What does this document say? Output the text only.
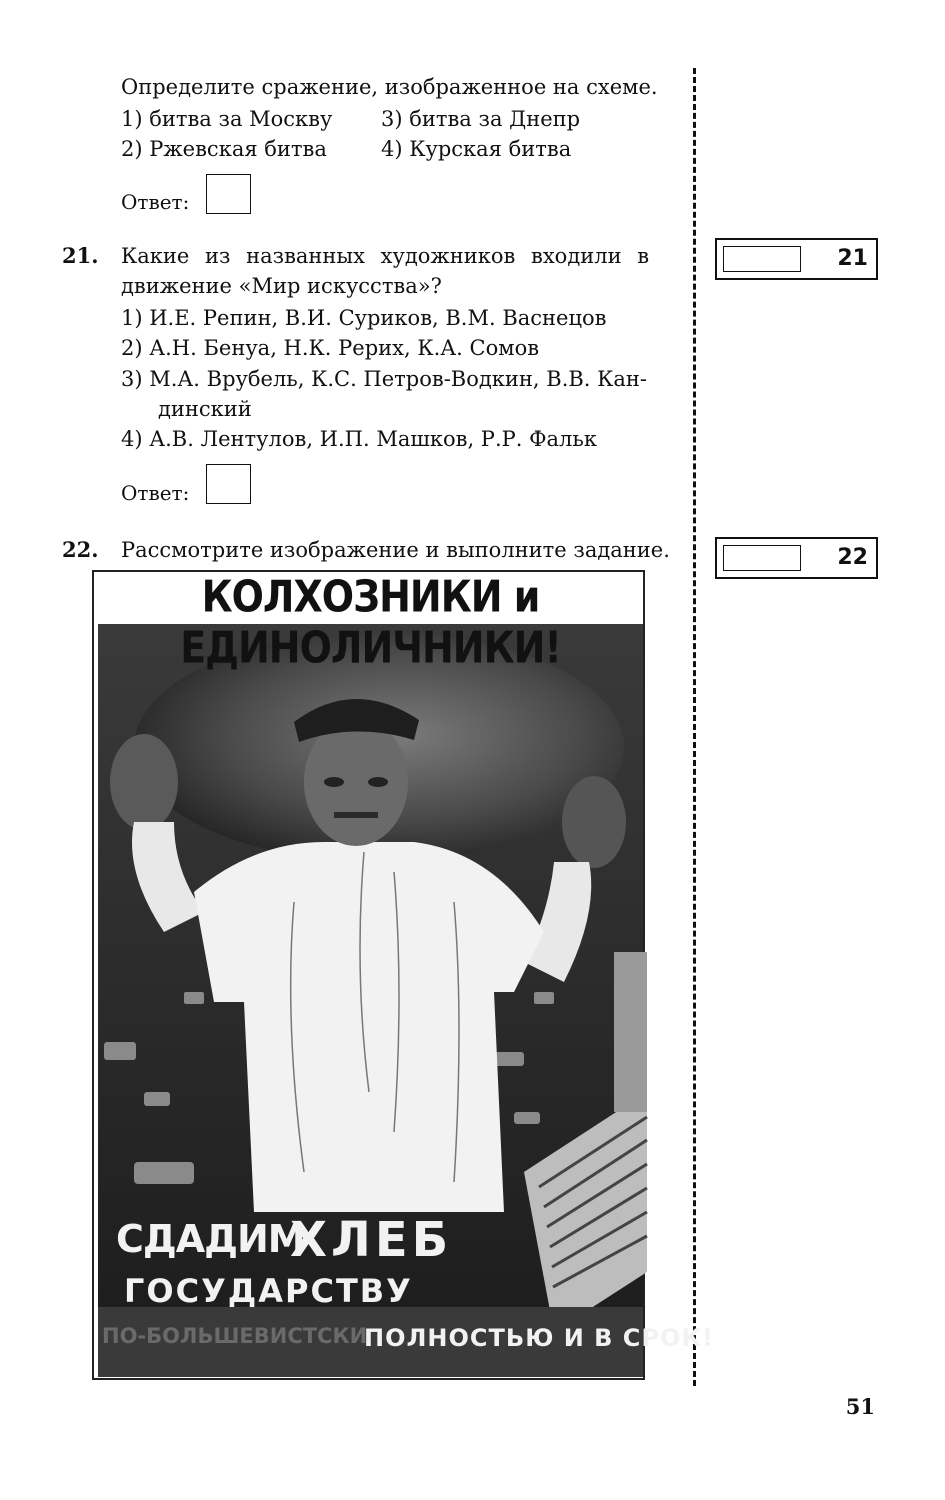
Определите сражение, изображенное на схеме.
1) битва за Москву
2) Ржевская битва
3) битва за Днепр
4) Курская битва
Ответ:
21. Какие из названных художников входили в
движение «Мир искусства»?
1) И.Е. Репин, В.И. Суриков, В.М. Васнецов
2) А.Н. Бенуа, Н.К. Рерих, К.А. Сомов
3) М.А. Врубель, К.С. Петров-Водкин, В.В. Кан-
динский
4) А.В. Лентулов, И.П. Машков, Р.Р. Фальк
Ответ:
21
22. Рассмотрите изображение и выполните задание.	22
КОЛХОЗНИКИ и ЕДИНОЛИЧНИКИ!
СДАДИМ
ХЛЕБ
ГОСУДАРСТВУ
ПО-БОЛЬШЕВИСТСКИ
ПОЛНОСТЬЮ И В СРОК!
51
